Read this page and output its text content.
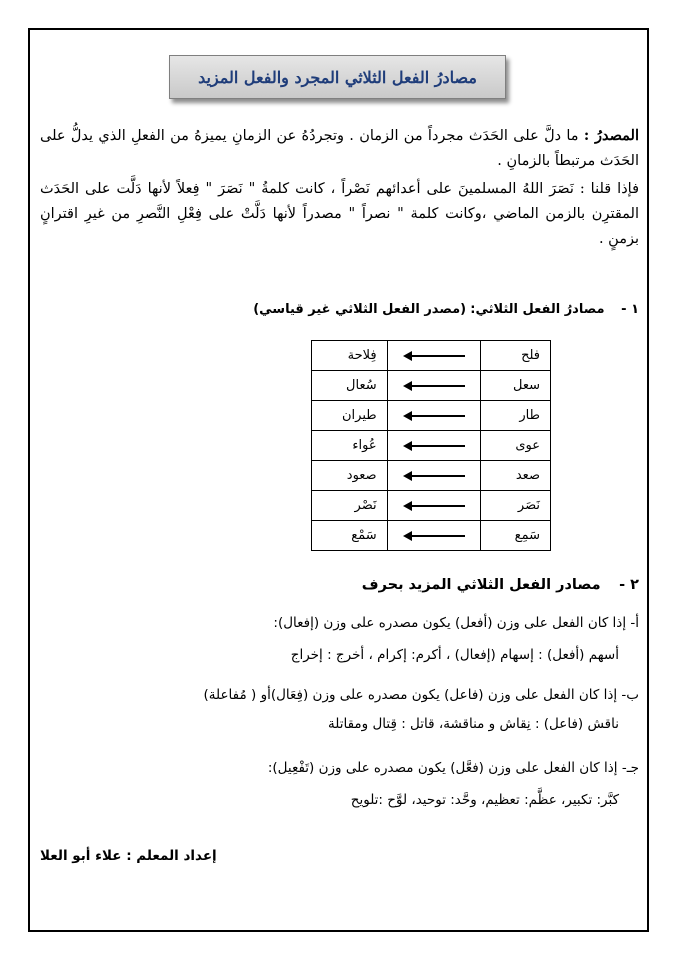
مصادرُ الفعل الثلاثي المجرد والفعل المزيد
المصدرُ : ما دلَّ على الحَدَث مجرداً من الزمان . وتجردُهُ عن الزمانِ يميزهُ من الفعلِ الذي يدلُّ على الحَدَث مرتبطاً بالزمانِ .
فإذا قلنا : نَصَرَ اللهُ المسلمينَ على أعدائهم نَصْراً ، كانت كلمةُ " نَصَرَ " فِعلاً لأنها دَلَّت على الحَدَث المقترِن بالزمن الماضي ،وكانت كلمة " نصراً " مصدراً لأنها دَلَّتْ على فِعْلِ النَّصرِ من غيرِ اقترانٍ بزمنٍ .
١ -    مصادرُ الفعل الثلاثي: (مصدر الفعل الثلاثي غير قياسي)
فِلاحة		فلح
سُعال		سعل
طيران		طار
عُواء		عوى
صعود		صعد
نَصْر		نَصَر
سَمْع		سَمِع
٢ -    مصادر الفعل الثلاثي المزيد بحرف
أ- إذا كان الفعل على وزن (أفعل) يكون مصدره على وزن (إفعال):
أسهم (أفعل) : إسهام (إفعال) ، أكرم: إكرام ، أخرج : إخراج
ب- إذا كان الفعل على وزن (فاعل) يكون مصدره على وزن (فِعَال)أو ( مُفاعلة)
ناقش (فاعل) : نِقاش و مناقشة، قاتل : قِتال ومقاتلة
جـ- إذا كان الفعل على وزن (فعَّل) يكون مصدره على وزن (تَفْعِيل):
كبَّر: تكبير، عظَّم: تعظيم، وحَّد: توحيد، لوَّح :تلويح
إعداد المعلم : علاء أبو العلا
